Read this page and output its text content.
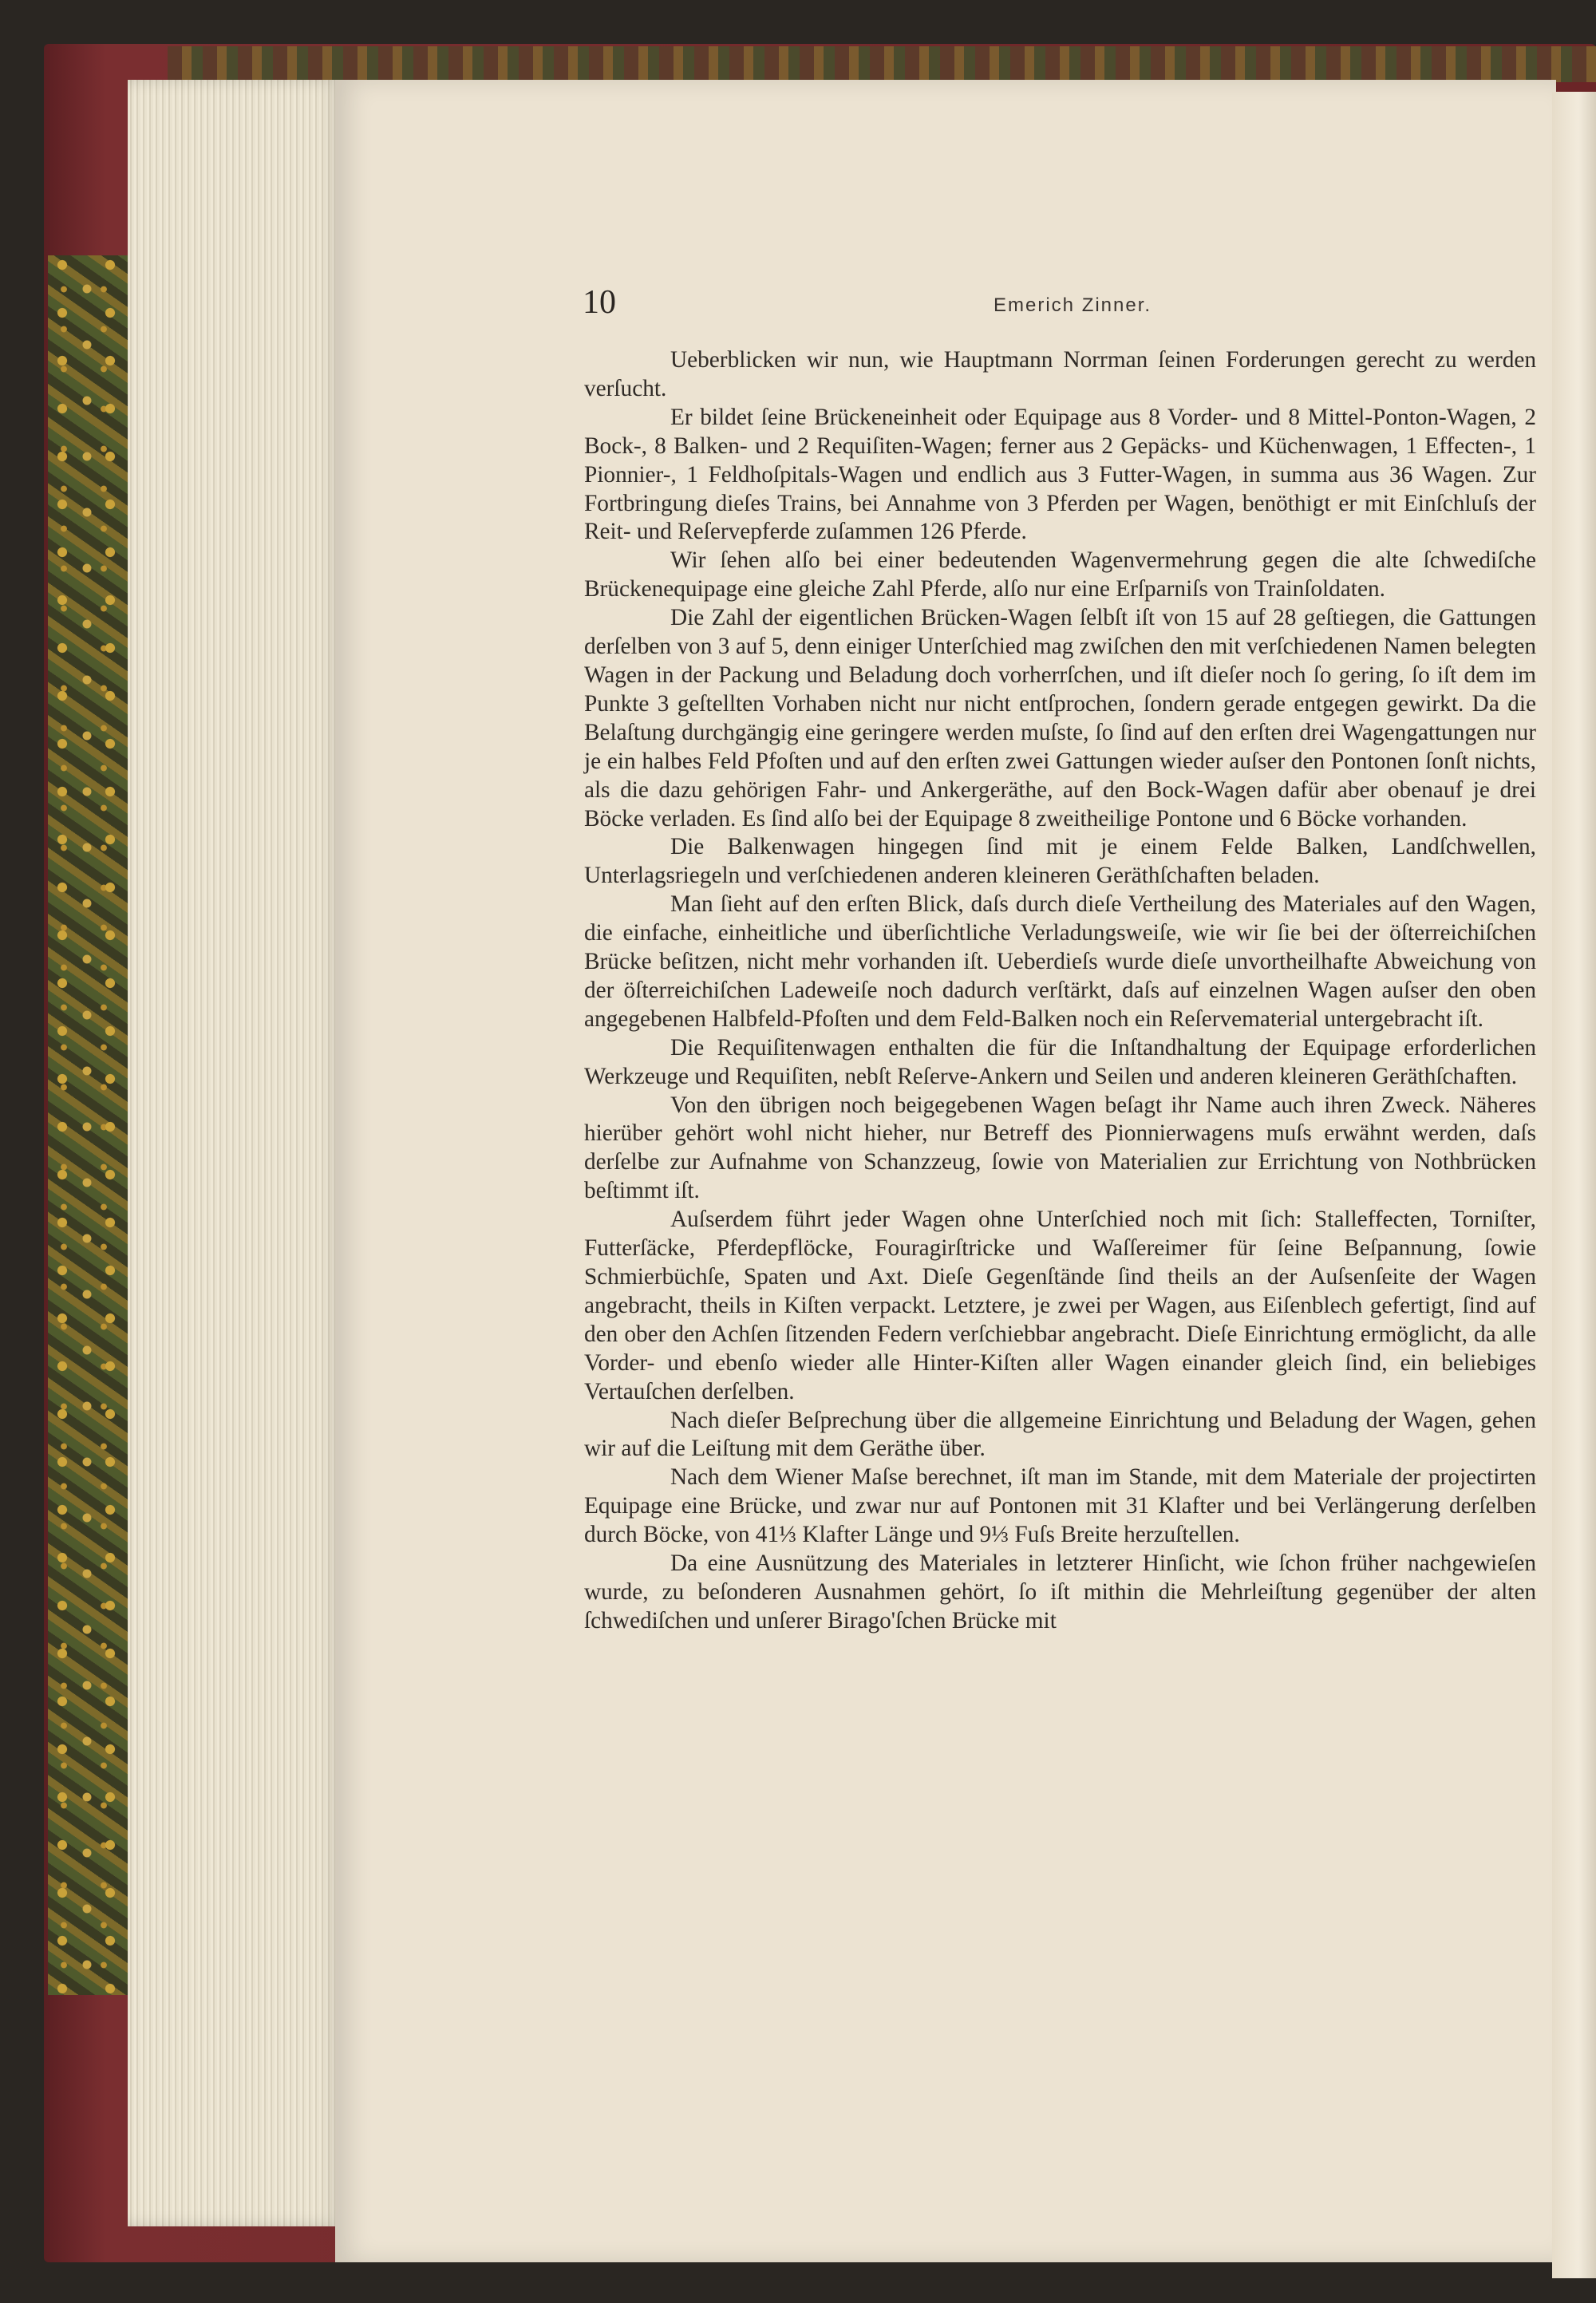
10	Emerich Zinner.

Ueberblicken wir nun, wie Hauptmann Norrman ſeinen Forderungen gerecht zu werden verſucht.

Er bildet ſeine Brückeneinheit oder Equipage aus 8 Vorder- und 8 Mittel-Ponton-Wagen, 2 Bock-, 8 Balken- und 2 Requiſiten-Wagen; ferner aus 2 Gepäcks- und Küchenwagen, 1 Effecten-, 1 Pionnier-, 1 Feldhoſpitals-Wagen und endlich aus 3 Futter-Wagen, in summa aus 36 Wagen. Zur Fortbringung dieſes Trains, bei Annahme von 3 Pferden per Wagen, benöthigt er mit Einſchluſs der Reit- und Reſervepferde zuſammen 126 Pferde.

Wir ſehen alſo bei einer bedeutenden Wagenvermehrung gegen die alte ſchwediſche Brückenequipage eine gleiche Zahl Pferde, alſo nur eine Erſparniſs von Trainſoldaten.

Die Zahl der eigentlichen Brücken-Wagen ſelbſt iſt von 15 auf 28 geſtiegen, die Gattungen derſelben von 3 auf 5, denn einiger Unterſchied mag zwiſchen den mit verſchiedenen Namen belegten Wagen in der Packung und Beladung doch vorherrſchen, und iſt dieſer noch ſo gering, ſo iſt dem im Punkte 3 geſtellten Vorhaben nicht nur nicht entſprochen, ſondern gerade entgegen gewirkt. Da die Belaſtung durchgängig eine geringere werden muſste, ſo ſind auf den erſten drei Wagengattungen nur je ein halbes Feld Pfoſten und auf den erſten zwei Gattungen wieder auſser den Pontonen ſonſt nichts, als die dazu gehörigen Fahr- und Ankergeräthe, auf den Bock-Wagen dafür aber obenauf je drei Böcke verladen. Es ſind alſo bei der Equipage 8 zweitheilige Pontone und 6 Böcke vorhanden.

Die Balkenwagen hingegen ſind mit je einem Felde Balken, Landſchwellen, Unterlagsriegeln und verſchiedenen anderen kleineren Geräthſchaften beladen.

Man ſieht auf den erſten Blick, daſs durch dieſe Vertheilung des Materiales auf den Wagen, die einfache, einheitliche und überſichtliche Verladungsweiſe, wie wir ſie bei der öſterreichiſchen Brücke beſitzen, nicht mehr vorhanden iſt. Ueberdieſs wurde dieſe unvortheilhafte Abweichung von der öſterreichiſchen Ladeweiſe noch dadurch verſtärkt, daſs auf einzelnen Wagen auſser den oben angegebenen Halbfeld-Pfoſten und dem Feld-Balken noch ein Reſervematerial untergebracht iſt.

Die Requiſitenwagen enthalten die für die Inſtandhaltung der Equipage erforderlichen Werkzeuge und Requiſiten, nebſt Reſerve-Ankern und Seilen und anderen kleineren Geräthſchaften.

Von den übrigen noch beigegebenen Wagen beſagt ihr Name auch ihren Zweck. Näheres hierüber gehört wohl nicht hieher, nur Betreff des Pionnierwagens muſs erwähnt werden, daſs derſelbe zur Aufnahme von Schanzzeug, ſowie von Materialien zur Errichtung von Nothbrücken beſtimmt iſt.

Auſserdem führt jeder Wagen ohne Unterſchied noch mit ſich: Stalleffecten, Torniſter, Futterſäcke, Pferdepflöcke, Fouragirſtricke und Waſſereimer für ſeine Beſpannung, ſowie Schmierbüchſe, Spaten und Axt. Dieſe Gegenſtände ſind theils an der Auſsenſeite der Wagen angebracht, theils in Kiſten verpackt. Letztere, je zwei per Wagen, aus Eiſenblech gefertigt, ſind auf den ober den Achſen ſitzenden Federn verſchiebbar angebracht. Dieſe Einrichtung ermöglicht, da alle Vorder- und ebenſo wieder alle Hinter-Kiſten aller Wagen einander gleich ſind, ein beliebiges Vertauſchen derſelben.

Nach dieſer Beſprechung über die allgemeine Einrichtung und Beladung der Wagen, gehen wir auf die Leiſtung mit dem Geräthe über.

Nach dem Wiener Maſse berechnet, iſt man im Stande, mit dem Materiale der projectirten Equipage eine Brücke, und zwar nur auf Pontonen mit 31 Klafter und bei Verlängerung derſelben durch Böcke, von 41⅓ Klafter Länge und 9⅓ Fuſs Breite herzuſtellen.

Da eine Ausnützung des Materiales in letzterer Hinſicht, wie ſchon früher nachgewieſen wurde, zu beſonderen Ausnahmen gehört, ſo iſt mithin die Mehrleiſtung gegenüber der alten ſchwediſchen und unſerer Birago'ſchen Brücke mit
